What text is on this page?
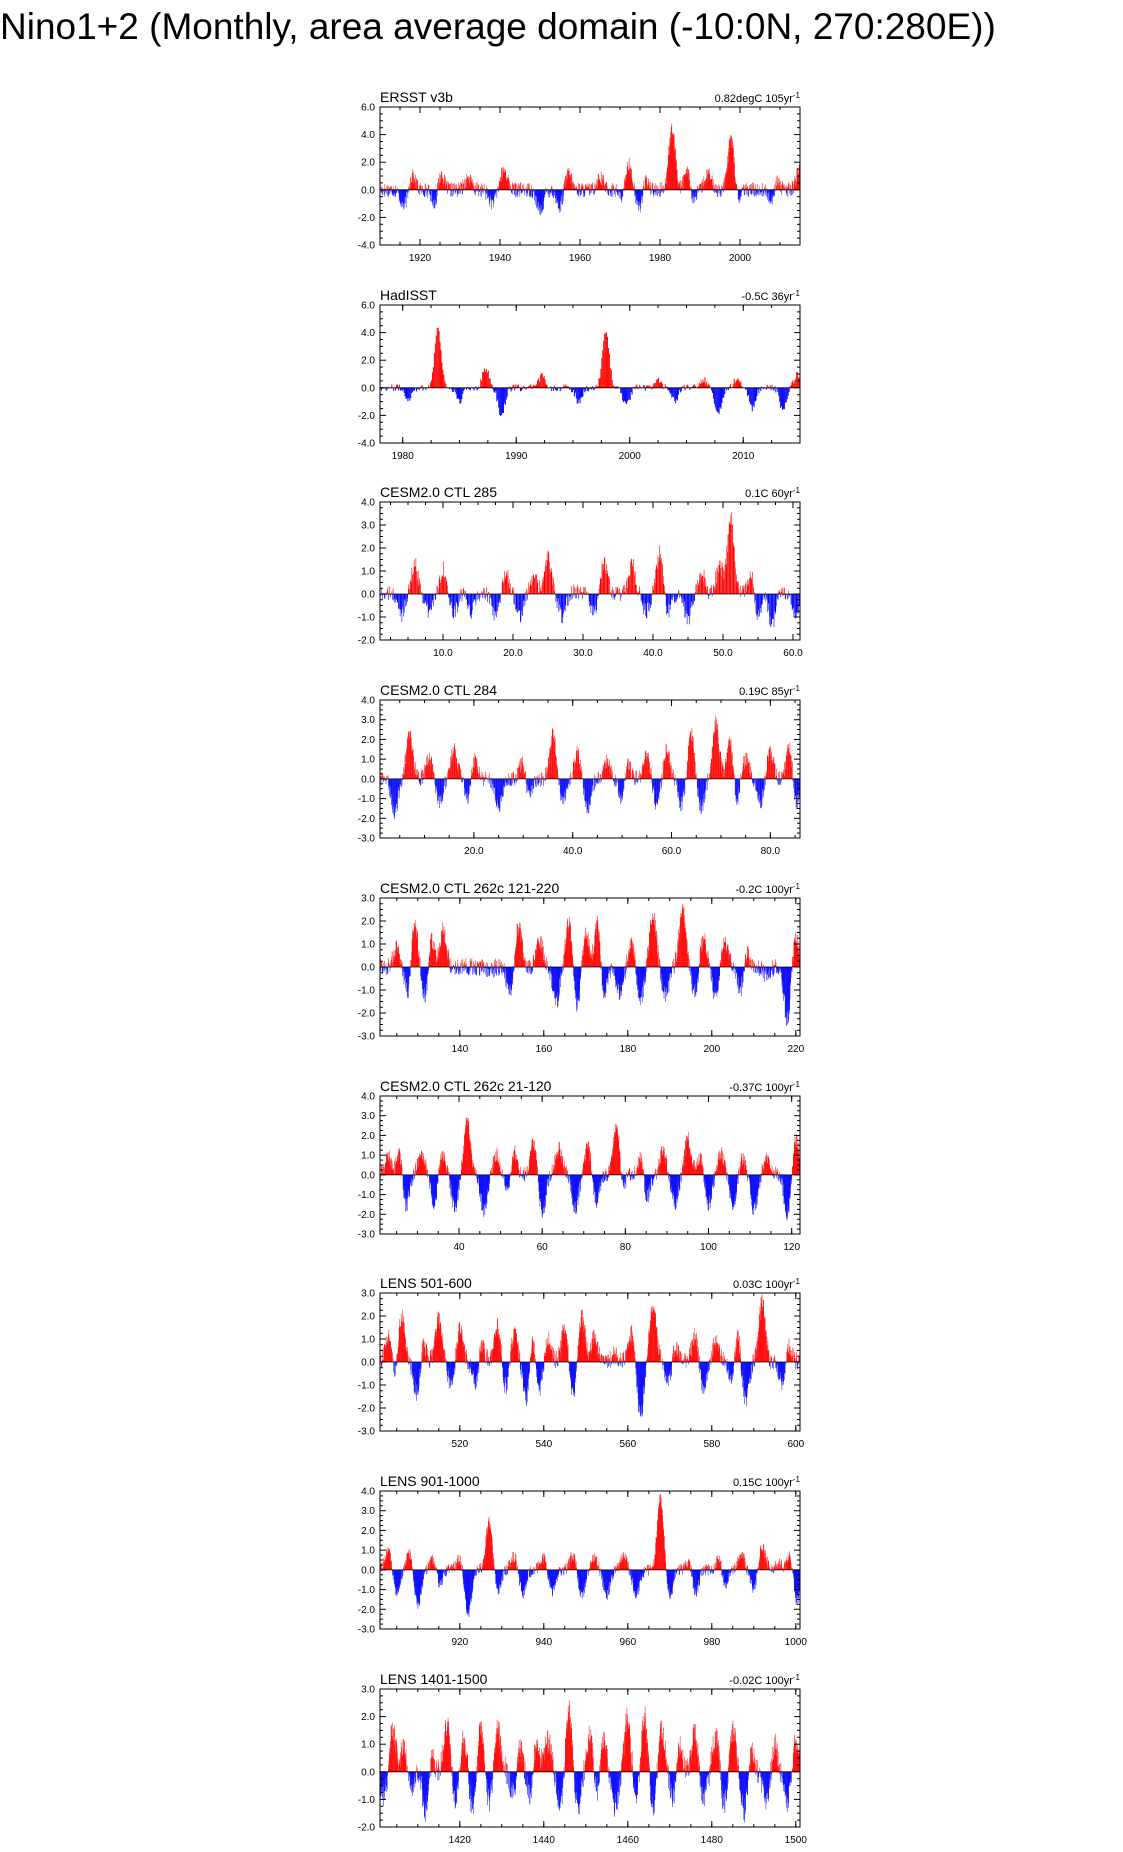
Nino1+2 (Monthly, area average domain (-10:0N, 270:280E))
ERSST v3b	0.82degC $105yr^{-1}$
6.0
4.0
2.0
0.0
-2.0
-4.0
1920	1940	1960	1980	2000
HadISST	-0.5C $36yr^{-1}$
6.0
4.0
2.0
0.0
-2.0
-4.0
1980	1990	2000	2010
CESM2.0 CTL 285	0.1C $60yr^{-1}$
4.0
3.0
2.0
1.0
0.0
-1.0
-2.0
10.0	20.0	30.0	40.0	50.0	60.0
CESM2.0 CTL 284	0.19C $85yr^{-1}$
4.0
3.0
2.0
1.0
0.0
-1.0
-2.0
-3.0
20.0	40.0	60.0	80.0
CESM2.0 CTL 262c 121-220	-0.2C $100yr^{-1}$
3.0
2.0
1.0
0.0
-1.0
-2.0
-3.0
140	160	180	200	220
CESM2.0 CTL 262c 21-120	-0.37C $100yr^{-1}$
4.0
3.0
2.0
1.0
0.0
-1.0
-2.0
-3.0
40	60	80	100	120
LENS 501-600	0.03C $100yr^{-1}$
3.0
2.0
1.0
0.0
-1.0
-2.0
-3.0
520	540	560	580	600
LENS 901-1000	0.15C $100yr^{-1}$
4.0
3.0
2.0
1.0
0.0
-1.0
-2.0
-3.0
920	940	960	980	1000
LENS 1401-1500	-0.02C $100yr^{-1}$
3.0
2.0
1.0
0.0
-1.0
-2.0
1420	1440	1460	1480	1500
